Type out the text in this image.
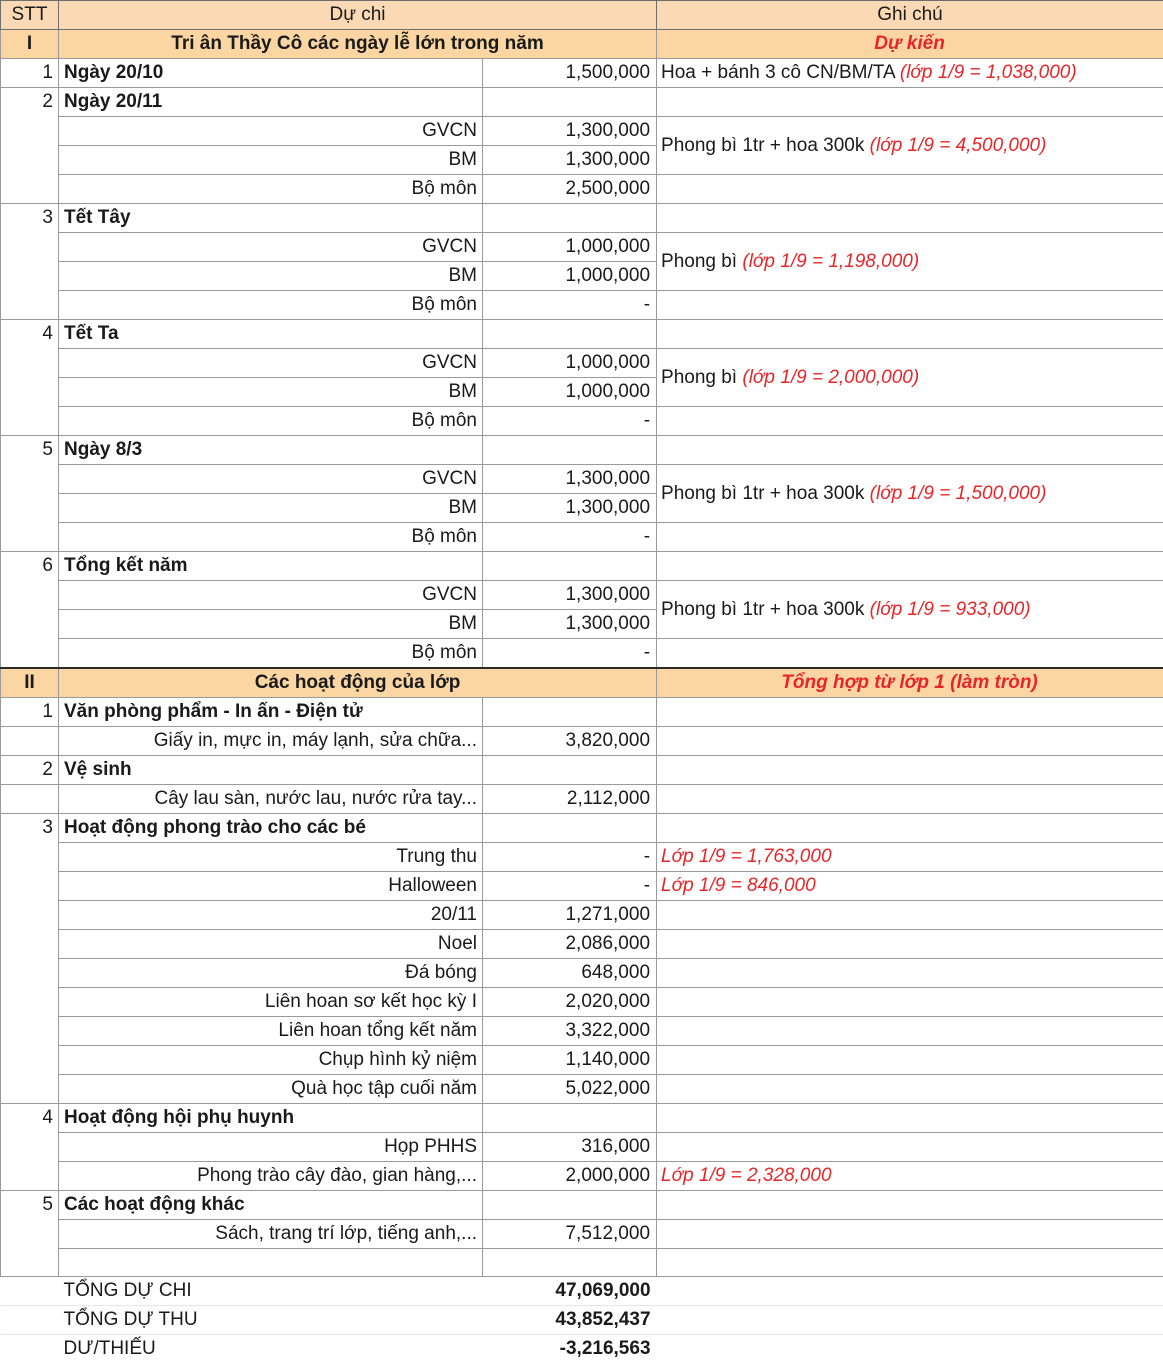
STT	Dự chi		Ghi chú
I	Tri ân Thầy Cô các ngày lễ lớn trong năm		Dự kiến
1	Ngày 20/10	1,500,000	Hoa + bánh 3 cô CN/BM/TA (lớp 1/9 = 1,038,000)
2	Ngày 20/11		
	GVCN	1,300,000	Phong bì 1tr + hoa 300k (lớp 1/9 = 4,500,000)
	BM	1,300,000	
	Bộ môn	2,500,000	
3	Tết Tây		
	GVCN	1,000,000	Phong bì (lớp 1/9 = 1,198,000)
	BM	1,000,000	
	Bộ môn	-	
4	Tết Ta		
	GVCN	1,000,000	Phong bì (lớp 1/9 = 2,000,000)
	BM	1,000,000	
	Bộ môn	-	
5	Ngày 8/3		
	GVCN	1,300,000	Phong bì 1tr + hoa 300k (lớp 1/9 = 1,500,000)
	BM	1,300,000	
	Bộ môn	-	
6	Tổng kết năm		
	GVCN	1,300,000	Phong bì 1tr + hoa 300k (lớp 1/9 = 933,000)
	BM	1,300,000	
	Bộ môn	-	
II	Các hoạt động của lớp		Tổng hợp từ lớp 1 (làm tròn)
1	Văn phòng phẩm - In ấn - Điện tử		
	Giấy in, mực in, máy lạnh, sửa chữa...	3,820,000	
2	Vệ sinh		
	Cây lau sàn, nước lau, nước rửa tay...	2,112,000	
3	Hoạt động phong trào cho các bé		
	Trung thu	-	Lớp 1/9 = 1,763,000
	Halloween	-	Lớp 1/9 = 846,000
	20/11	1,271,000	
	Noel	2,086,000	
	Đá bóng	648,000	
	Liên hoan sơ kết học kỳ I	2,020,000	
	Liên hoan tổng kết năm	3,322,000	
	Chụp hình kỷ niệm	1,140,000	
	Quà học tập cuối năm	5,022,000	
4	Hoạt động hội phụ huynh		
	Họp PHHS	316,000	
	Phong trào cây đào, gian hàng,...	2,000,000	Lớp 1/9 = 2,328,000
5	Các hoạt động khác		
	Sách, trang trí lớp, tiếng anh,...	7,512,000	

	TỔNG DỰ CHI	47,069,000	
	TỔNG DỰ THU	43,852,437	
	DƯ/THIẾU	-3,216,563	
